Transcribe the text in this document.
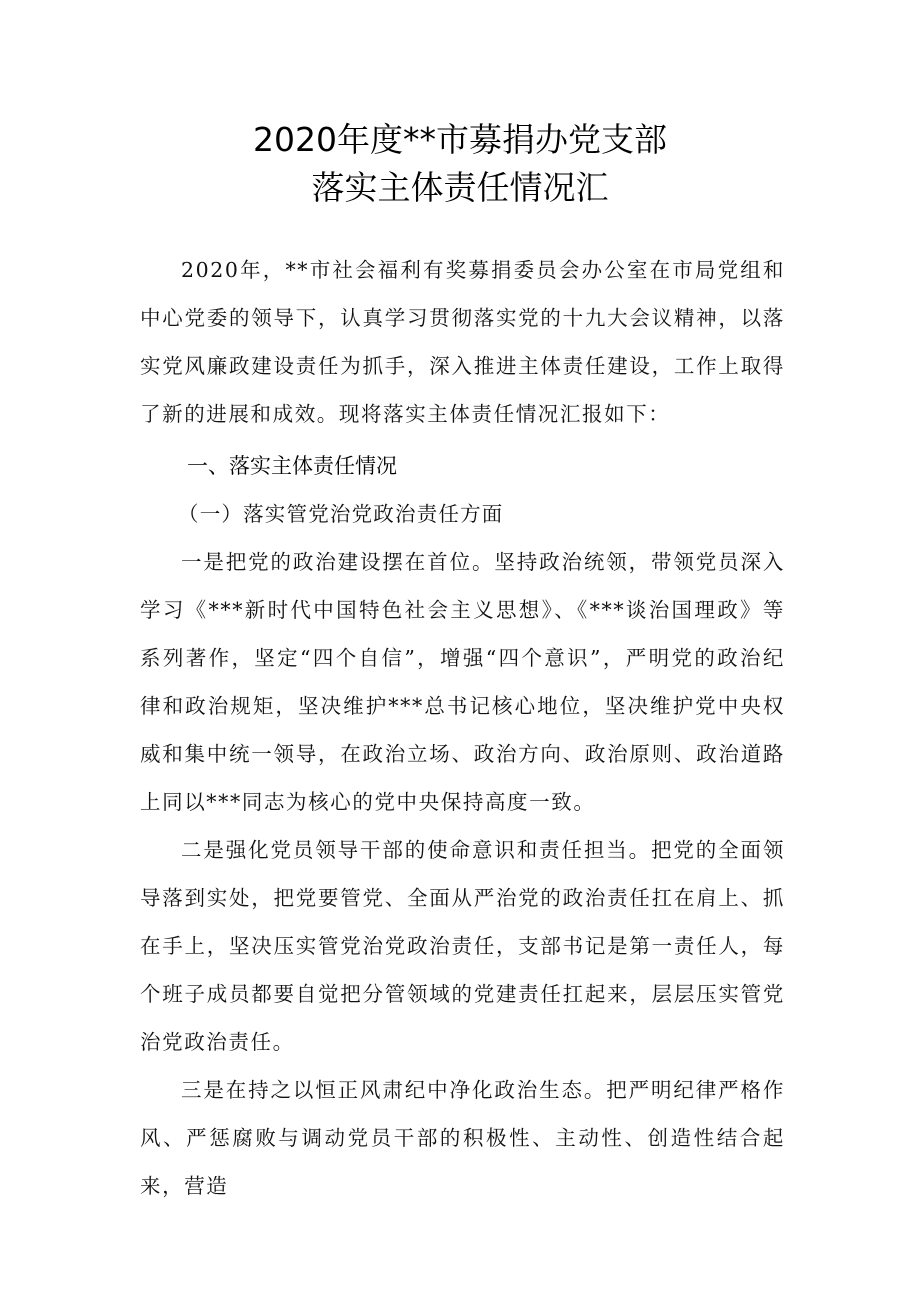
2020年度**市募捐办党支部
落实主体责任情况汇

2020年，**市社会福利有奖募捐委员会办公室在市局党组和中心党委的领导下，认真学习贯彻落实党的十九大会议精神，以落实党风廉政建设责任为抓手，深入推进主体责任建设，工作上取得了新的进展和成效。现将落实主体责任情况汇报如下：

一、落实主体责任情况
（一）落实管党治党政治责任方面

一是把党的政治建设摆在首位。坚持政治统领，带领党员深入学习《***新时代中国特色社会主义思想》、《***谈治国理政》等系列著作，坚定“四个自信”，增强“四个意识”，严明党的政治纪律和政治规矩，坚决维护***总书记核心地位，坚决维护党中央权威和集中统一领导，在政治立场、政治方向、政治原则、政治道路上同以***同志为核心的党中央保持高度一致。

二是强化党员领导干部的使命意识和责任担当。把党的全面领导落到实处，把党要管党、全面从严治党的政治责任扛在肩上、抓在手上，坚决压实管党治党政治责任，支部书记是第一责任人，每个班子成员都要自觉把分管领域的党建责任扛起来，层层压实管党治党政治责任。

三是在持之以恒正风肃纪中净化政治生态。把严明纪律严格作风、严惩腐败与调动党员干部的积极性、主动性、创造性结合起来，营造
